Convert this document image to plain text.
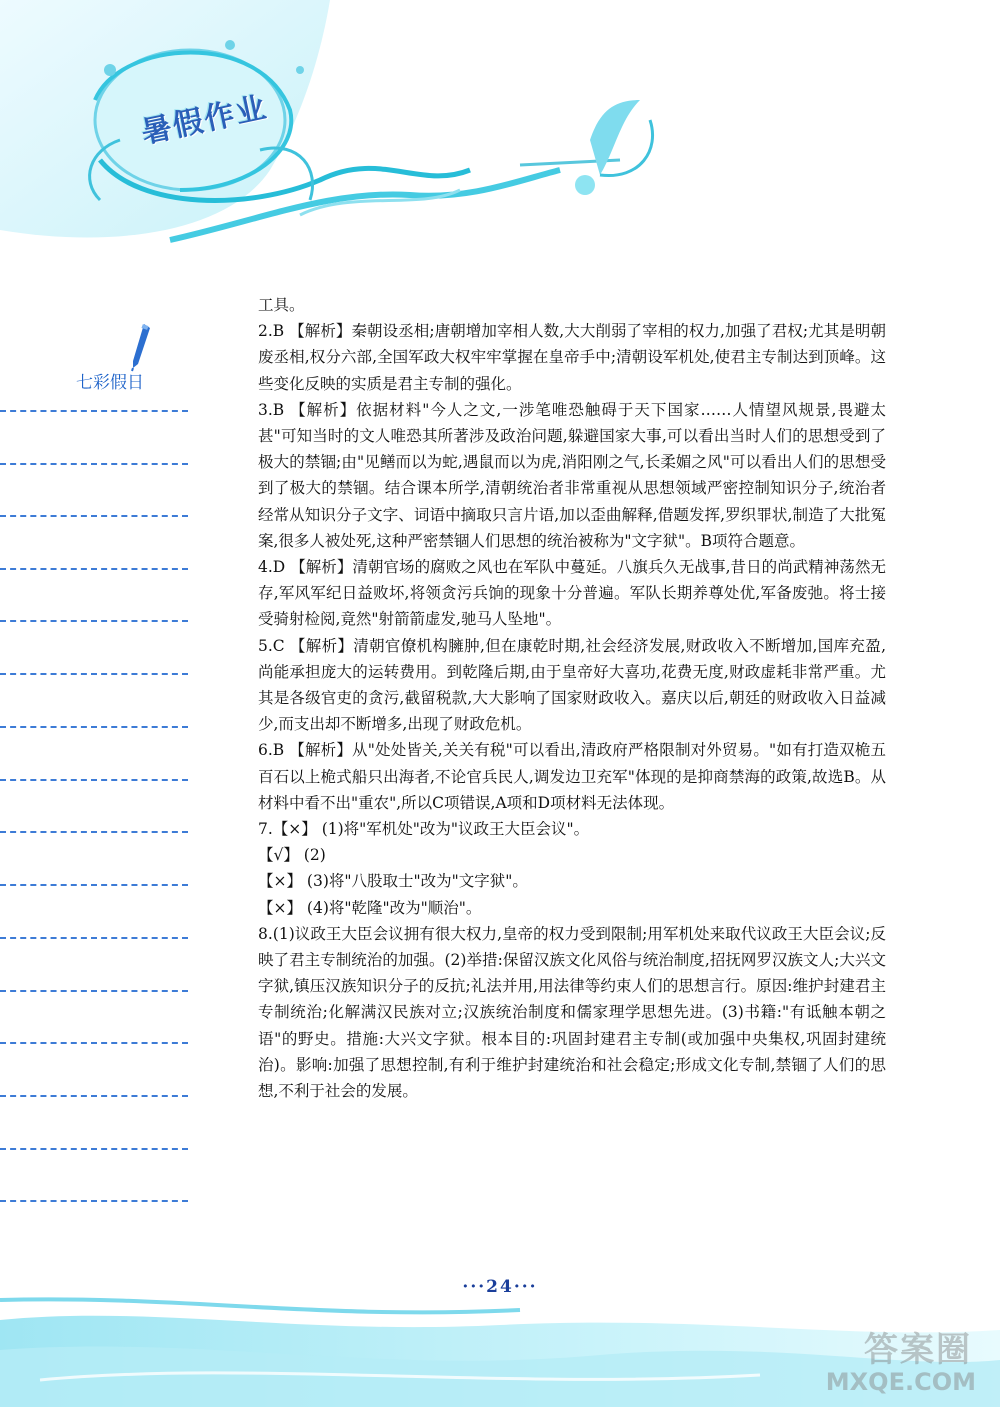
暑假作业
七彩假日

工具。

2.B 【解析】秦朝设丞相;唐朝增加宰相人数,大大削弱了宰相的权力,加强了君权;尤其是明朝废丞相,权分六部,全国军政大权牢牢掌握在皇帝手中;清朝设军机处,使君主专制达到顶峰。这些变化反映的实质是君主专制的强化。

3.B 【解析】依据材料"今人之文,一涉笔唯恐触碍于天下国家……人情望风规景,畏避太甚"可知当时的文人唯恐其所著涉及政治问题,躲避国家大事,可以看出当时人们的思想受到了极大的禁锢;由"见鳝而以为蛇,遇鼠而以为虎,消阳刚之气,长柔媚之风"可以看出人们的思想受到了极大的禁锢。结合课本所学,清朝统治者非常重视从思想领域严密控制知识分子,统治者经常从知识分子文字、词语中摘取只言片语,加以歪曲解释,借题发挥,罗织罪状,制造了大批冤案,很多人被处死,这种严密禁锢人们思想的统治被称为"文字狱"。B项符合题意。

4.D 【解析】清朝官场的腐败之风也在军队中蔓延。八旗兵久无战事,昔日的尚武精神荡然无存,军风军纪日益败坏,将领贪污兵饷的现象十分普遍。军队长期养尊处优,军备废弛。将士接受骑射检阅,竟然"射箭箭虚发,驰马人坠地"。

5.C 【解析】清朝官僚机构臃肿,但在康乾时期,社会经济发展,财政收入不断增加,国库充盈,尚能承担庞大的运转费用。到乾隆后期,由于皇帝好大喜功,花费无度,财政虚耗非常严重。尤其是各级官吏的贪污,截留税款,大大影响了国家财政收入。嘉庆以后,朝廷的财政收入日益减少,而支出却不断增多,出现了财政危机。

6.B 【解析】从"处处皆关,关关有税"可以看出,清政府严格限制对外贸易。"如有打造双桅五百石以上桅式船只出海者,不论官兵民人,调发边卫充军"体现的是抑商禁海的政策,故选B。从材料中看不出"重农",所以C项错误,A项和D项材料无法体现。

7.【×】 (1)将"军机处"改为"议政王大臣会议"。

【√】 (2)

【×】 (3)将"八股取士"改为"文字狱"。

【×】 (4)将"乾隆"改为"顺治"。

8.(1)议政王大臣会议拥有很大权力,皇帝的权力受到限制;用军机处来取代议政王大臣会议;反映了君主专制统治的加强。(2)举措:保留汉族文化风俗与统治制度,招抚网罗汉族文人;大兴文字狱,镇压汉族知识分子的反抗;礼法并用,用法律等约束人们的思想言行。原因:维护封建君主专制统治;化解满汉民族对立;汉族统治制度和儒家理学思想先进。(3)书籍:"有诋触本朝之语"的野史。措施:大兴文字狱。根本目的:巩固封建君主专制(或加强中央集权,巩固封建统治)。影响:加强了思想控制,有利于维护封建统治和社会稳定;形成文化专制,禁锢了人们的思想,不利于社会的发展。

···24···
答案圈
MXQE.COM
